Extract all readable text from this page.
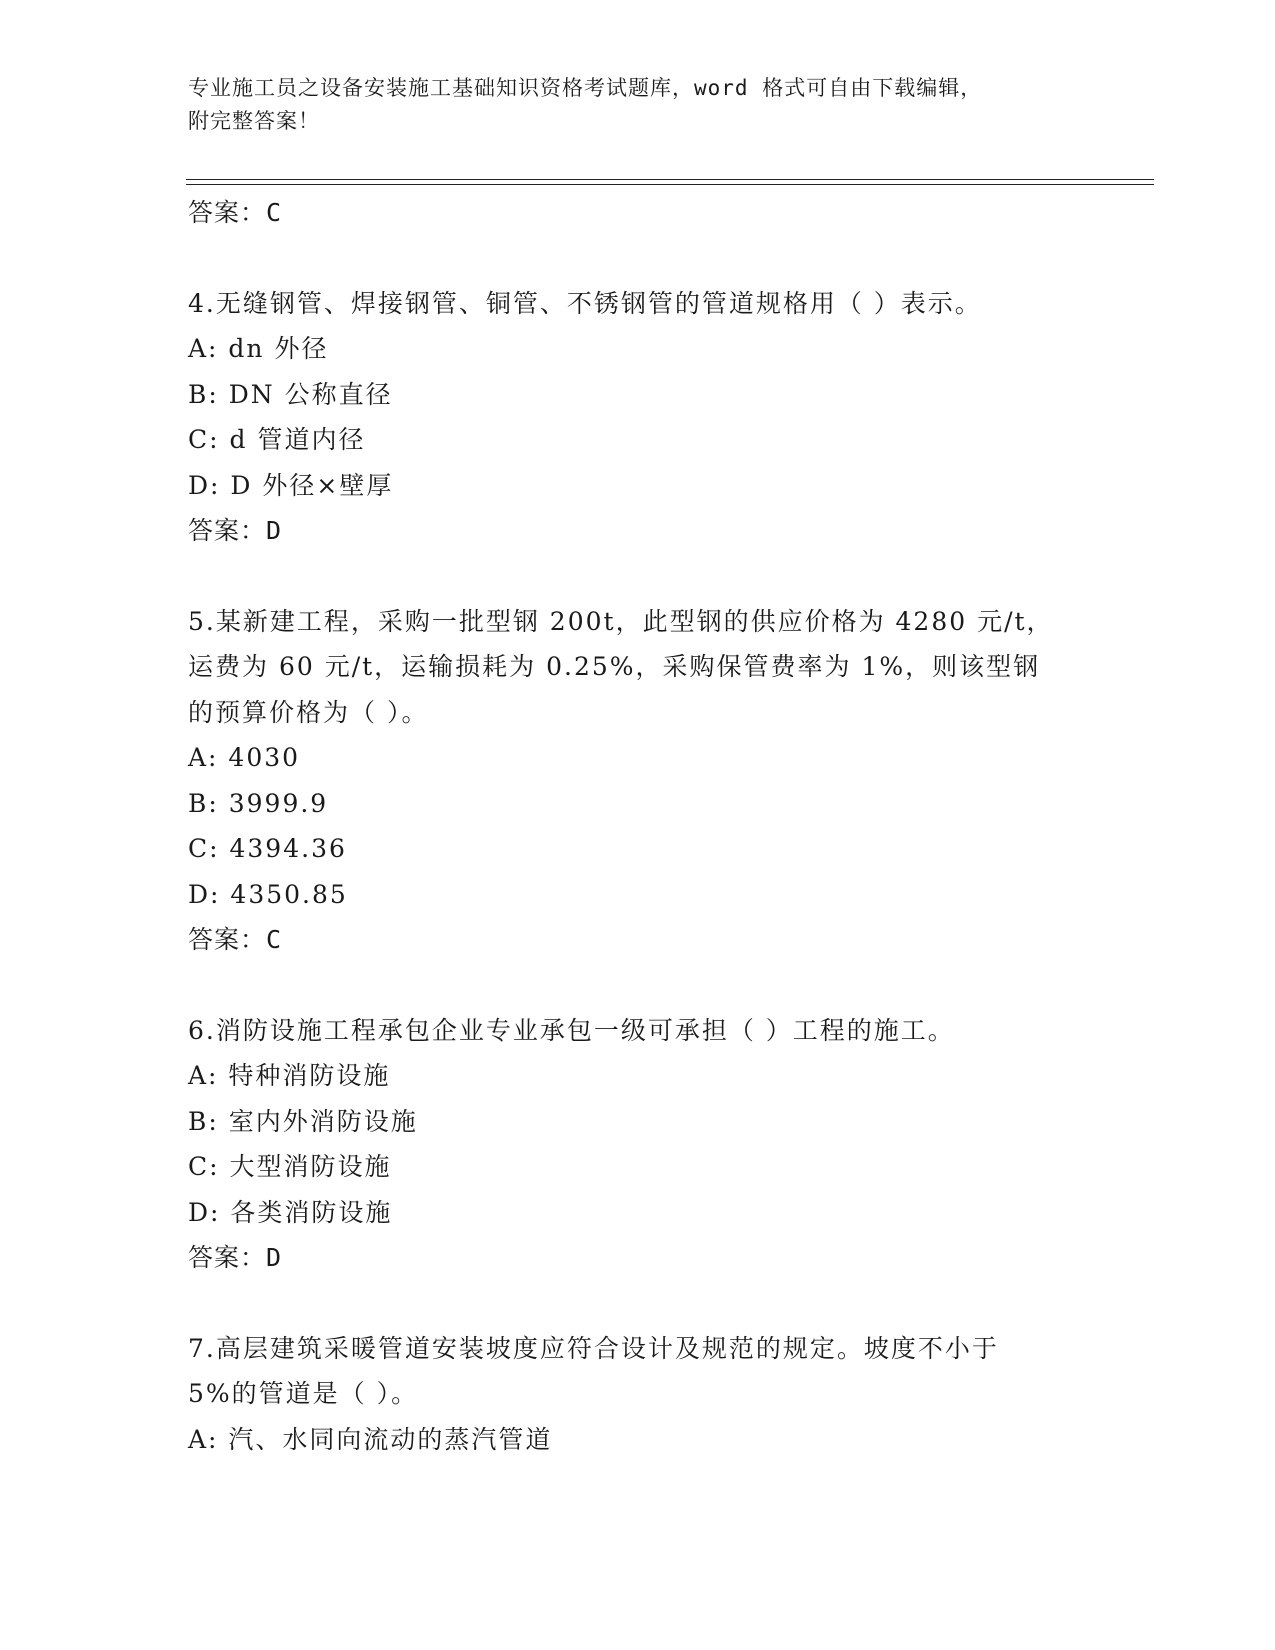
专业施工员之设备安装施工基础知识资格考试题库，word 格式可自由下载编辑，
附完整答案！
答案：C
4.无缝钢管、焊接钢管、铜管、不锈钢管的管道规格用（ ）表示。
A: dn 外径
B: DN 公称直径
C: d 管道内径
D: D 外径×壁厚
答案：D
5.某新建工程，采购一批型钢 200t，此型钢的供应价格为 4280 元/t，
运费为 60 元/t，运输损耗为 0.25%，采购保管费率为 1%，则该型钢
的预算价格为（ ）。
A: 4030
B: 3999.9
C: 4394.36
D: 4350.85
答案：C
6.消防设施工程承包企业专业承包一级可承担（ ）工程的施工。
A: 特种消防设施
B: 室内外消防设施
C: 大型消防设施
D: 各类消防设施
答案：D
7.高层建筑采暖管道安装坡度应符合设计及规范的规定。坡度不小于
5%的管道是（ ）。
A: 汽、水同向流动的蒸汽管道
